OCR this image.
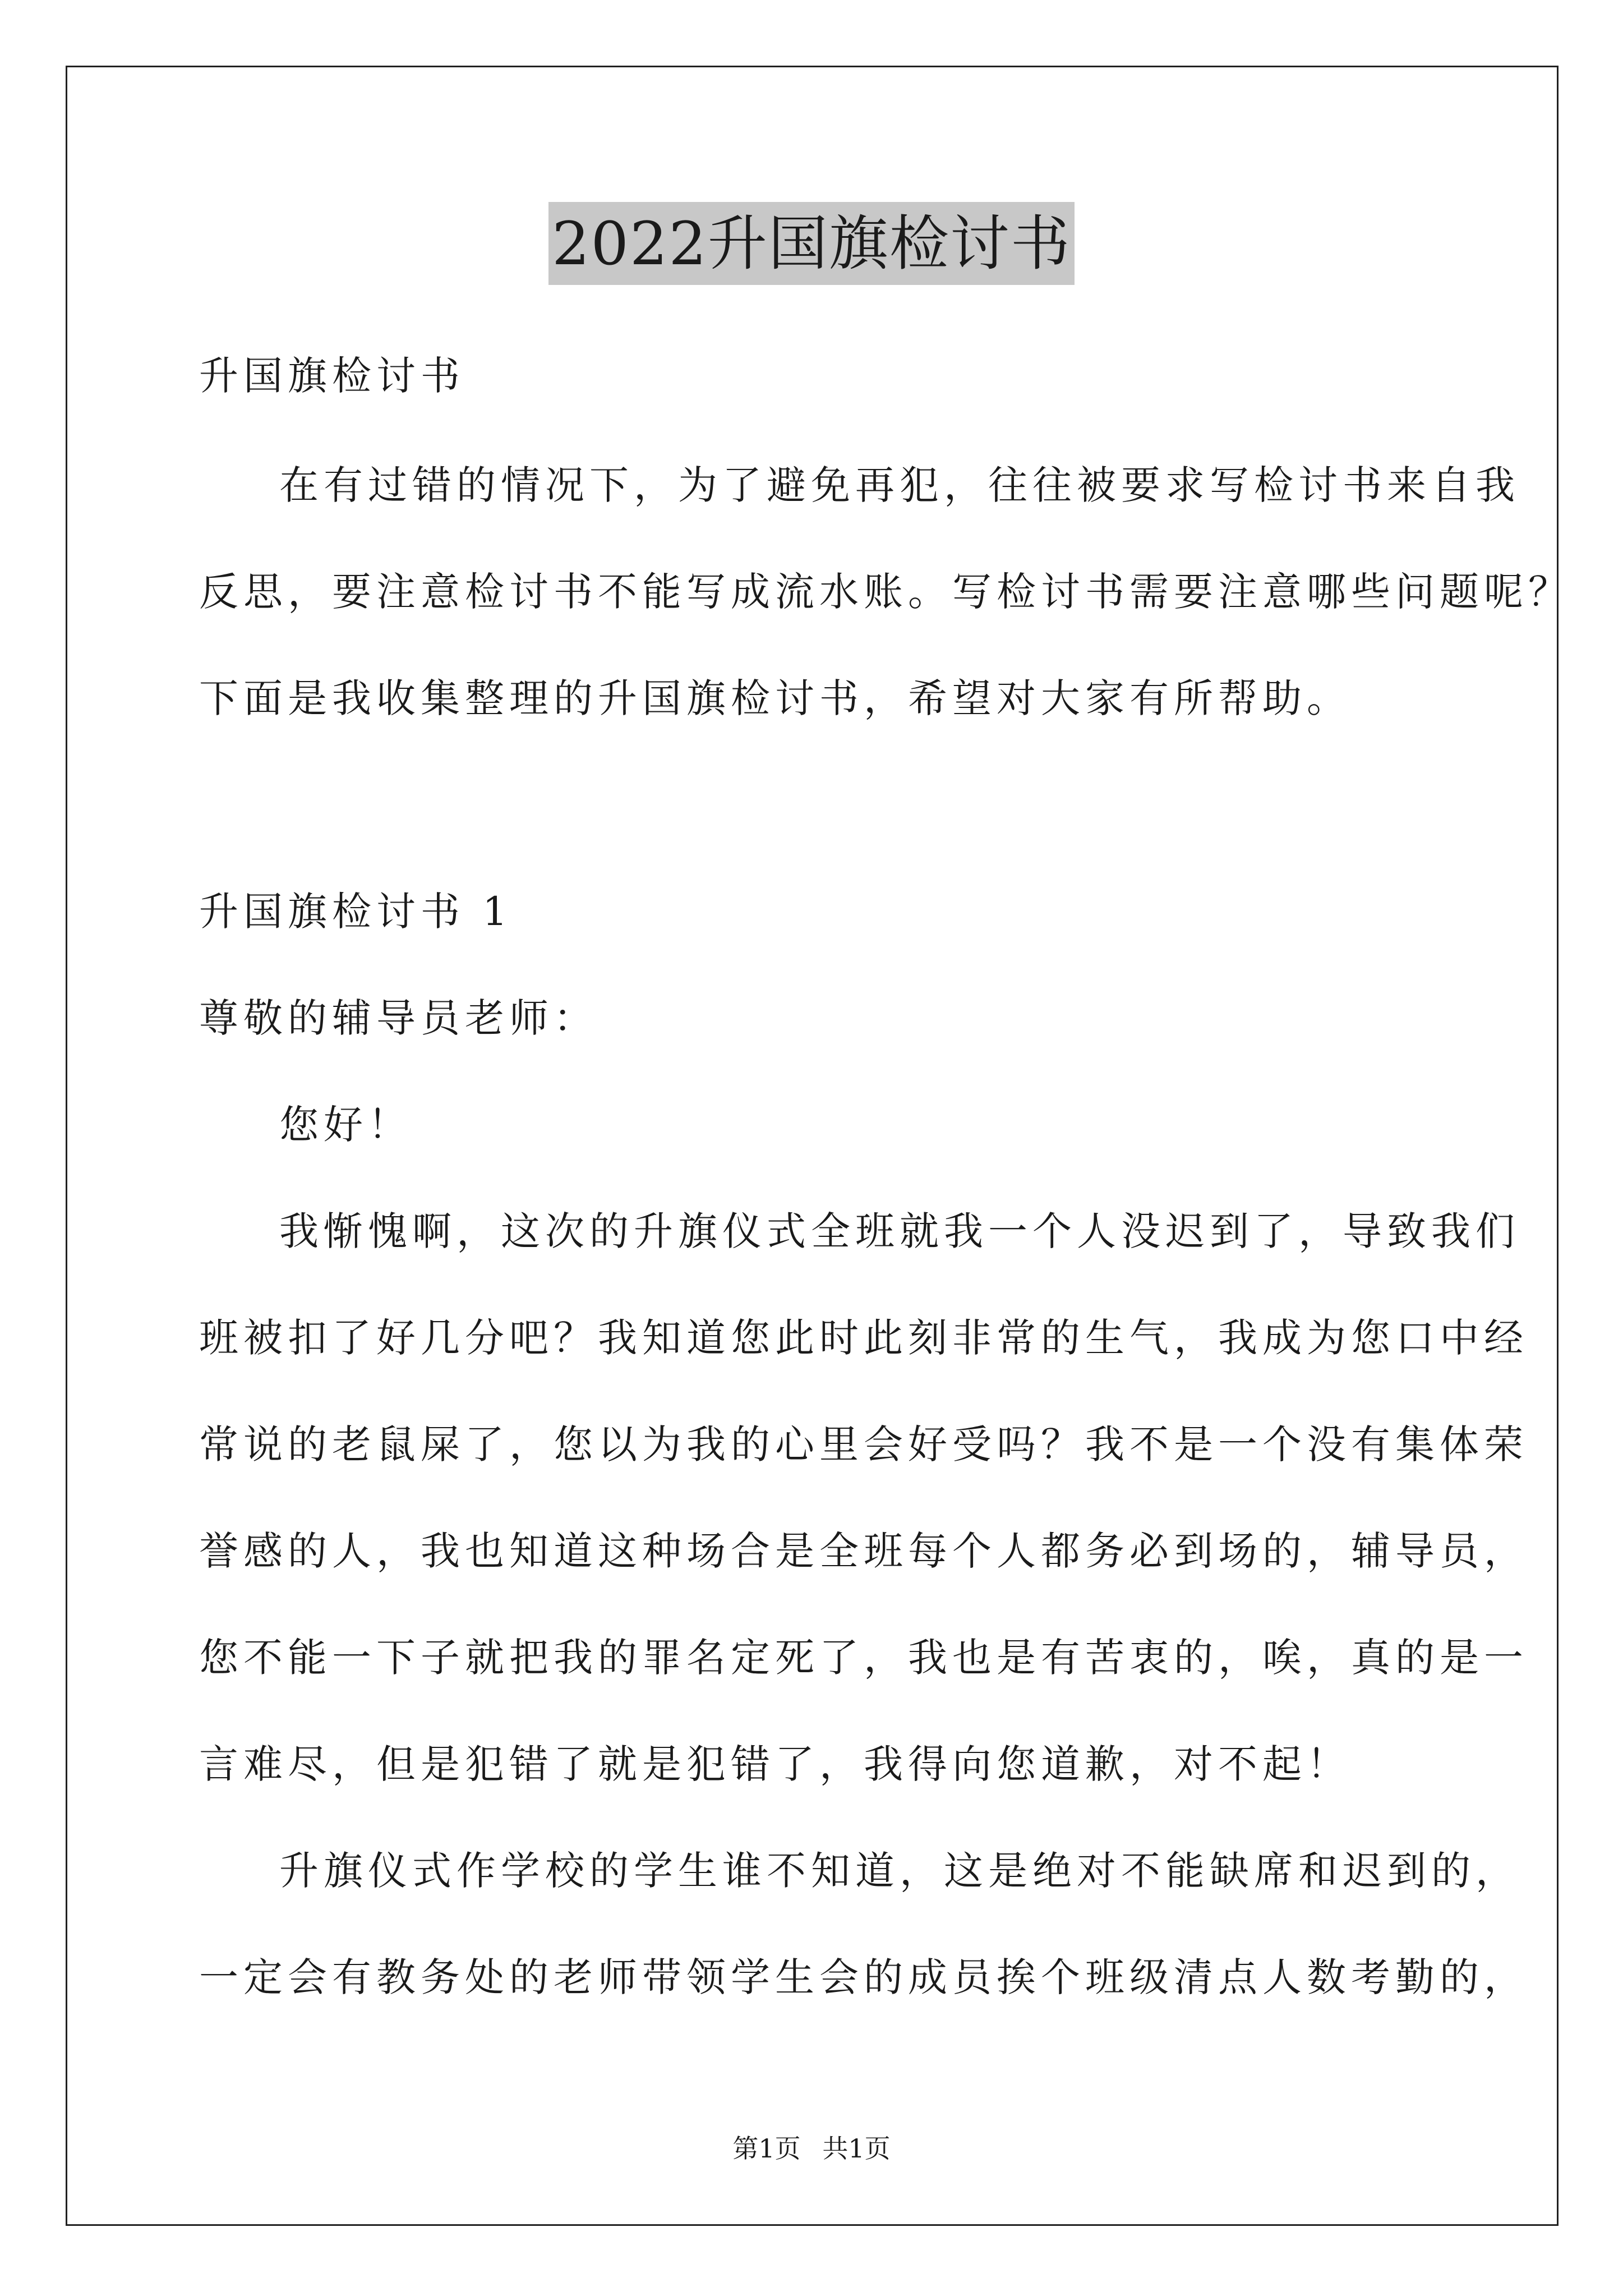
2022升国旗检讨书
升国旗检讨书
在有过错的情况下，为了避免再犯，往往被要求写检讨书来自我
反思，要注意检讨书不能写成流水账。写检讨书需要注意哪些问题呢？
下面是我收集整理的升国旗检讨书，希望对大家有所帮助。
升国旗检讨书 1
尊敬的辅导员老师：
您好！
我惭愧啊，这次的升旗仪式全班就我一个人没迟到了，导致我们
班被扣了好几分吧？我知道您此时此刻非常的生气，我成为您口中经
常说的老鼠屎了，您以为我的心里会好受吗？我不是一个没有集体荣
誉感的人，我也知道这种场合是全班每个人都务必到场的，辅导员，
您不能一下子就把我的罪名定死了，我也是有苦衷的，唉，真的是一
言难尽，但是犯错了就是犯错了，我得向您道歉，对不起！
升旗仪式作学校的学生谁不知道，这是绝对不能缺席和迟到的，
一定会有教务处的老师带领学生会的成员挨个班级清点人数考勤的，
第1页 共1页
